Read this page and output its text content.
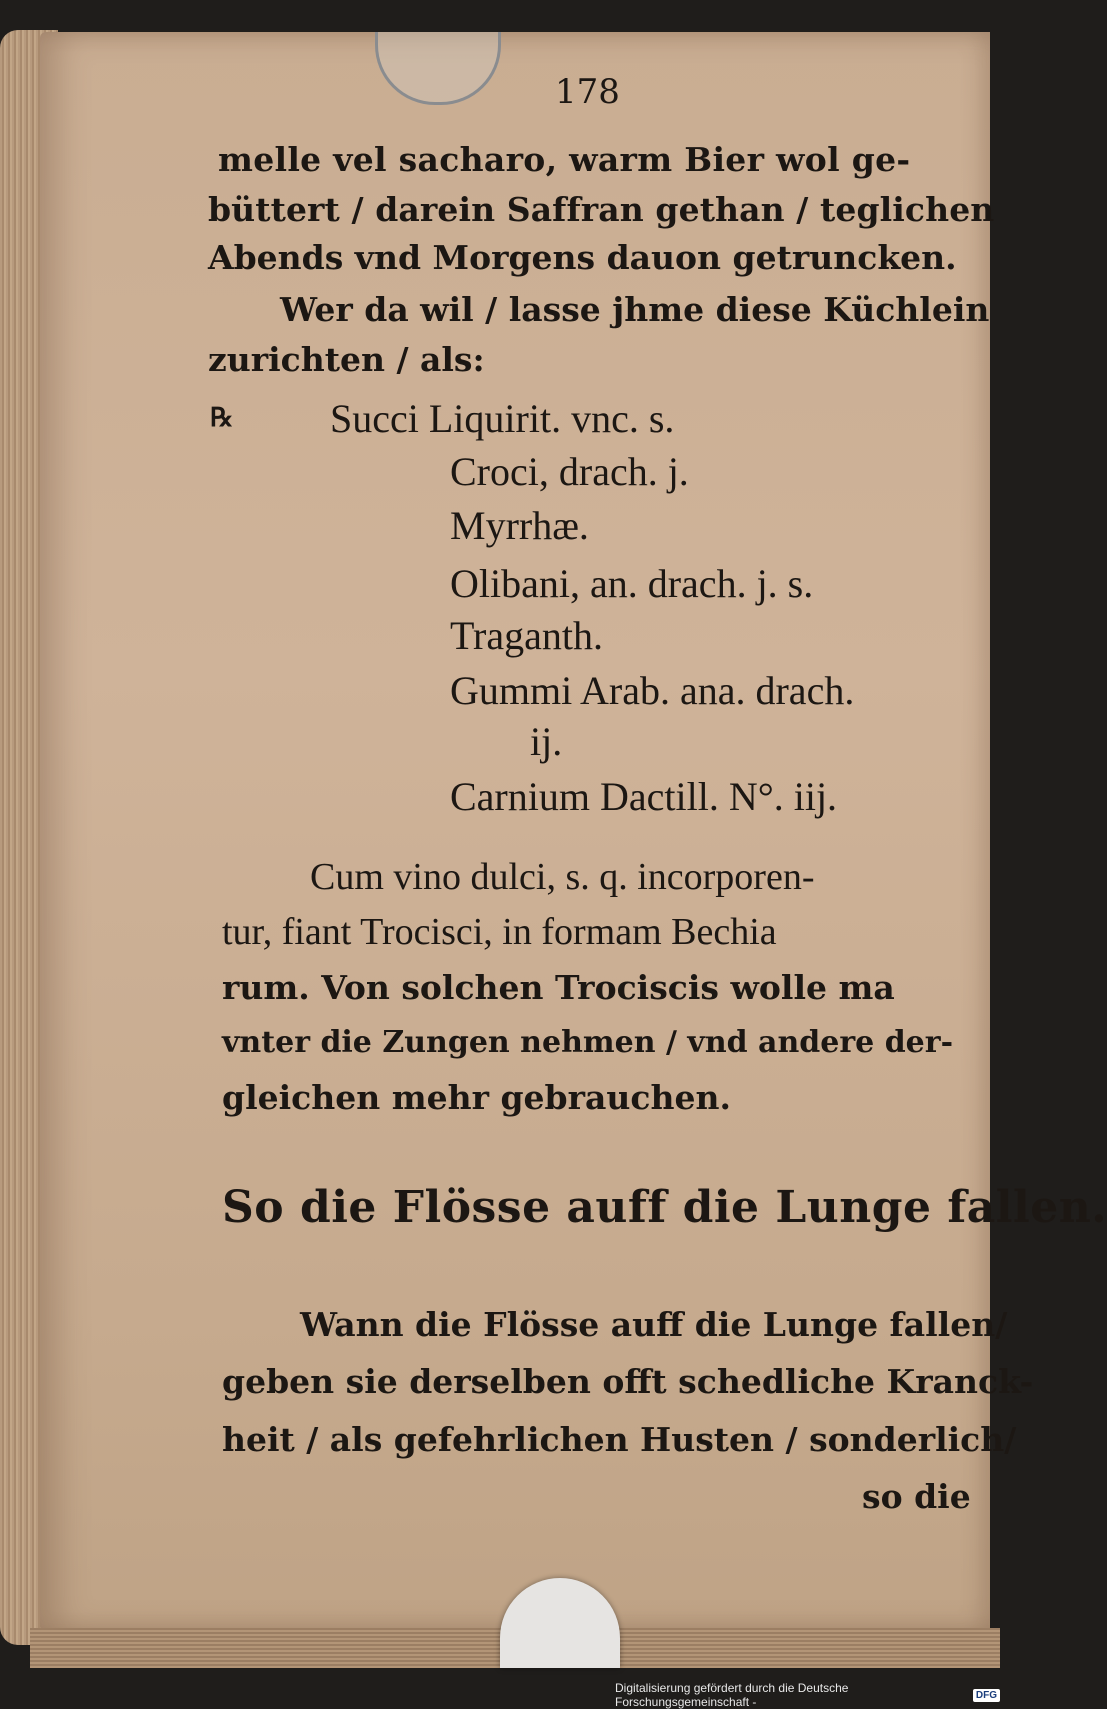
178
melle vel sacharo, warm Bier wol ge-
büttert / darein Saffran gethan / teglichen
Abends vnd Morgens dauon getruncken.
Wer da wil / lasse jhme diese Küchlein
zurichten / als:
℞ Succi Liquirit. vnc. s.
Croci, drach. j.
Myrrhæ.
Olibani, an. drach. j. s.
Traganth.
Gummi Arab. ana. drach.
ij.
Carnium Dactill. N°. iij.
Cum vino dulci, s. q. incorporen-
tur, fiant Trocisci, in formam Bechia
rum. Von solchen Trociscis wolle ma
vnter die Zungen nehmen / vnd andere der-
gleichen mehr gebrauchen.
So die Flösse auff die Lunge fallen.
Wann die Flösse auff die Lunge fallen/
geben sie derselben offt schedliche Kranck-
heit / als gefehrlichen Husten / sonderlich/
so die
Digitalisierung gefördert durch die Deutsche Forschungsgemeinschaft -	DFG
